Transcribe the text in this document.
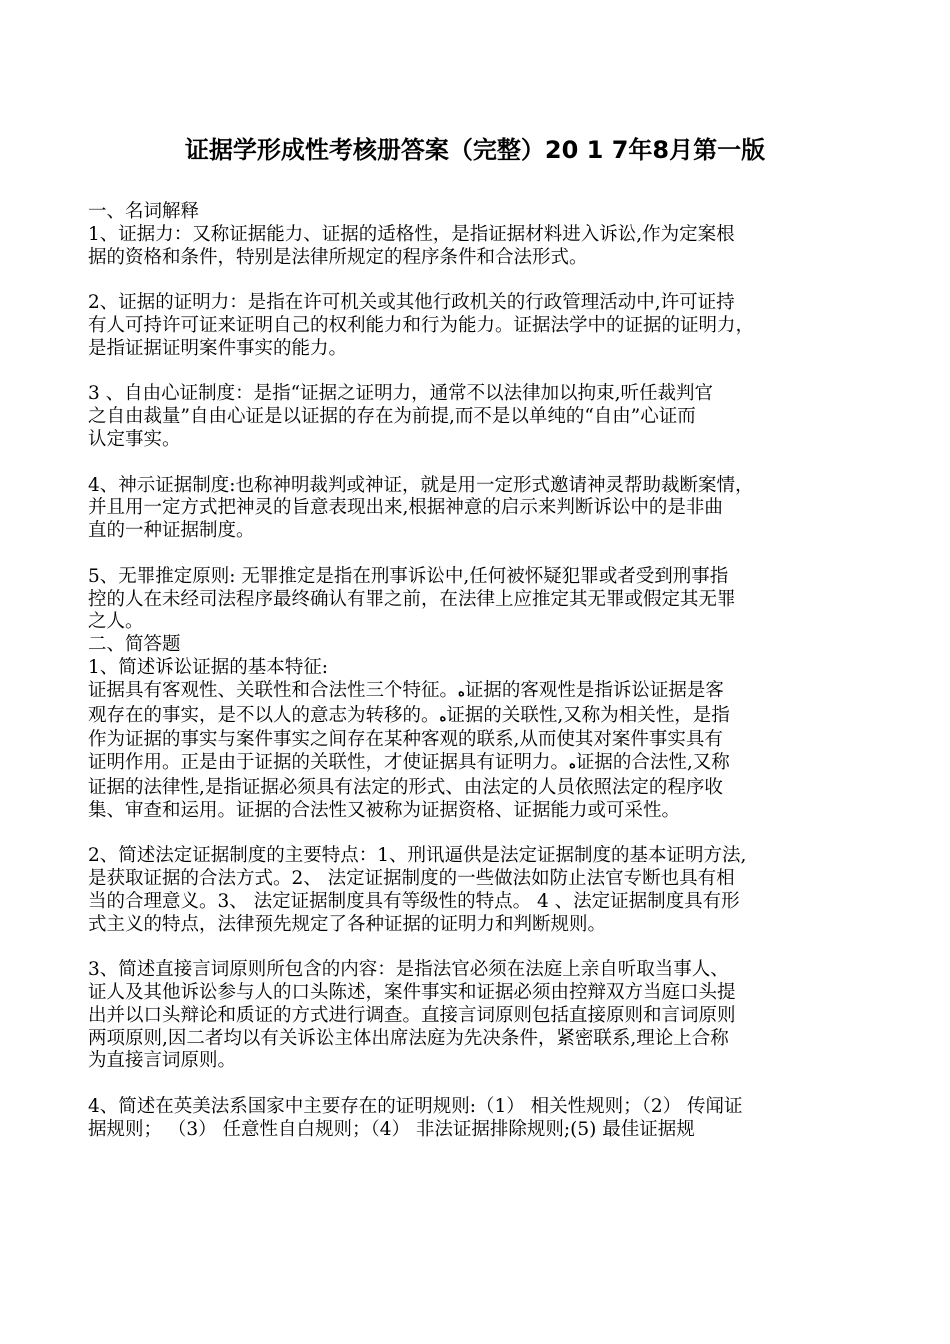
证据学形成性考核册答案（完整）20 1 7年8月第一版

一、名词解释

1、证据力：又称证据能力、证据的适格性，是指证据材料进入诉讼,作为定案根

据的资格和条件，特别是法律所规定的程序条件和合法形式。

2、证据的证明力：是指在许可机关或其他行政机关的行政管理活动中,许可证持

有人可持许可证来证明自己的权利能力和行为能力。证据法学中的证据的证明力，

是指证据证明案件事实的能力。

3 、自由心证制度：是指“证据之证明力，通常不以法律加以拘束,听任裁判官

之自由裁量”自由心证是以证据的存在为前提,而不是以单纯的“自由”心证而

认定事实。

4、神示证据制度:也称神明裁判或神证，就是用一定形式邀请神灵帮助裁断案情，

并且用一定方式把神灵的旨意表现出来,根据神意的启示来判断诉讼中的是非曲

直的一种证据制度。

5、无罪推定原则: 无罪推定是指在刑事诉讼中,任何被怀疑犯罪或者受到刑事指

控的人在未经司法程序最终确认有罪之前，在法律上应推定其无罪或假定其无罪

之人。

二、简答题

1、简述诉讼证据的基本特征:

证据具有客观性、关联性和合法性三个特征。ﻩ证据的客观性是指诉讼证据是客

观存在的事实，是不以人的意志为转移的。ﻩ证据的关联性,又称为相关性，是指

作为证据的事实与案件事实之间存在某种客观的联系,从而使其对案件事实具有

证明作用。正是由于证据的关联性，才使证据具有证明力。ﻩ证据的合法性,又称

证据的法律性,是指证据必须具有法定的形式、由法定的人员依照法定的程序收

集、审查和运用。证据的合法性又被称为证据资格、证据能力或可采性。

2、简述法定证据制度的主要特点：1、刑讯逼供是法定证据制度的基本证明方法,

是获取证据的合法方式。2、 法定证据制度的一些做法如防止法官专断也具有相

当的合理意义。3、 法定证据制度具有等级性的特点。 4 、法定证据制度具有形

式主义的特点，法律预先规定了各种证据的证明力和判断规则。

3、简述直接言词原则所包含的内容：是指法官必须在法庭上亲自听取当事人、

证人及其他诉讼参与人的口头陈述，案件事实和证据必须由控辩双方当庭口头提

出并以口头辩论和质证的方式进行调查。直接言词原则包括直接原则和言词原则

两项原则,因二者均以有关诉讼主体出席法庭为先决条件，紧密联系,理论上合称

为直接言词原则。

4、简述在英美法系国家中主要存在的证明规则:（1） 相关性规则；（2） 传闻证

据规则； （3） 任意性自白规则；（4） 非法证据排除规则;(5) 最佳证据规
